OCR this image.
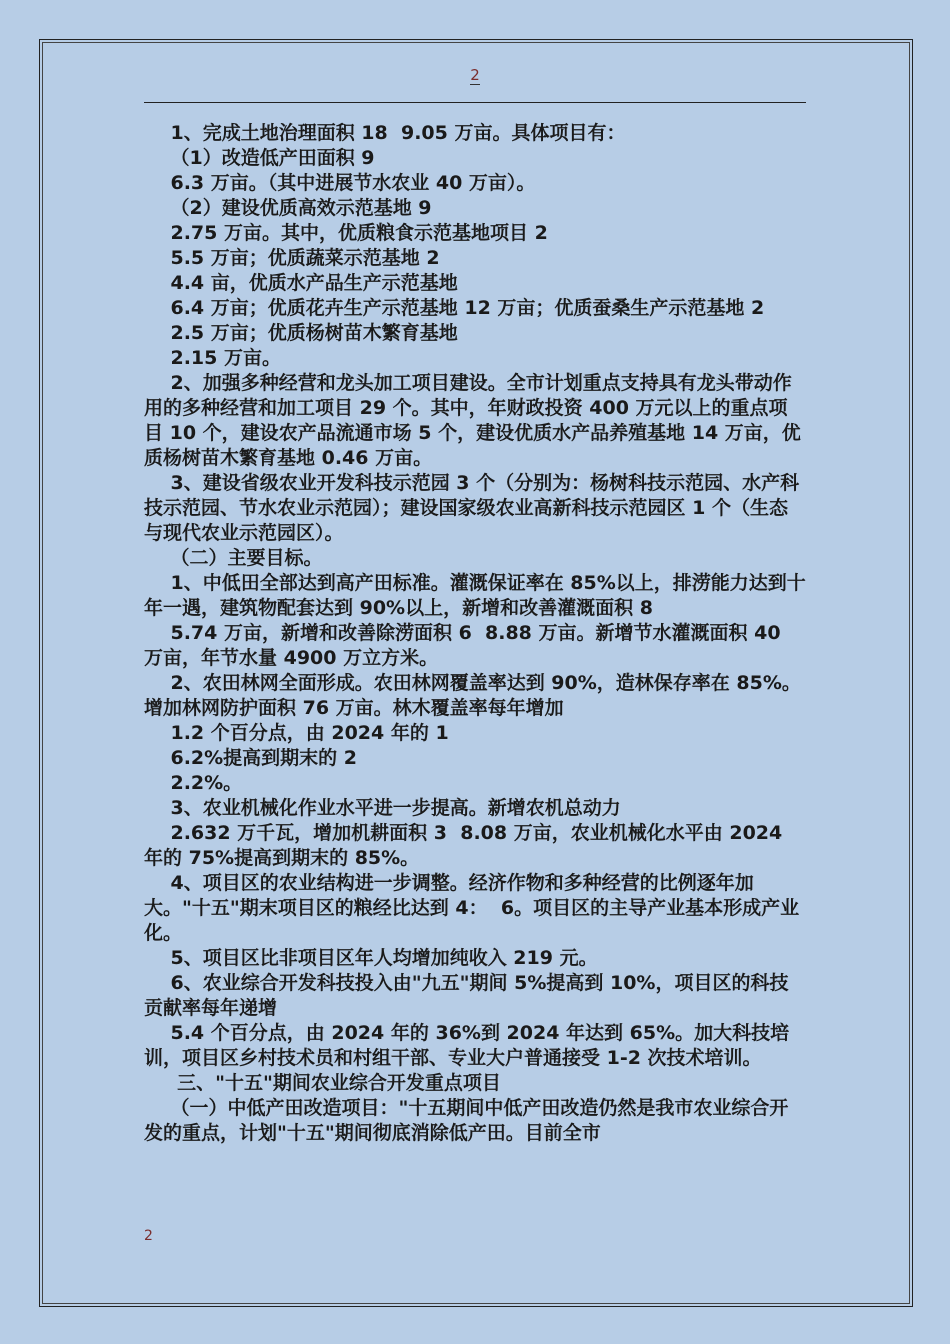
2

1、完成土地治理面积 18  9.05 万亩。具体项目有：

（1）改造低产田面积 9

6.3 万亩。（其中进展节水农业 40 万亩）。

（2）建设优质高效示范基地 9

2.75 万亩。其中，优质粮食示范基地项目 2

5.5 万亩；优质蔬菜示范基地 2

4.4 亩，优质水产品生产示范基地

6.4 万亩；优质花卉生产示范基地 12 万亩；优质蚕桑生产示范基地 2

2.5 万亩；优质杨树苗木繁育基地

2.15 万亩。

2、加强多种经营和龙头加工项目建设。全市计划重点支持具有龙头带动作用的多种经营和加工项目 29 个。其中，年财政投资 400 万元以上的重点项目 10 个，建设农产品流通市场 5 个，建设优质水产品养殖基地 14 万亩，优质杨树苗木繁育基地 0.46 万亩。

3、建设省级农业开发科技示范园 3 个（分别为：杨树科技示范园、水产科技示范园、节水农业示范园）；建设国家级农业高新科技示范园区 1 个（生态与现代农业示范园区）。

（二）主要目标。

1、中低田全部达到高产田标准。灌溉保证率在 85%以上，排涝能力达到十年一遇，建筑物配套达到 90%以上，新增和改善灌溉面积 8

5.74 万亩，新增和改善除涝面积 6  8.88 万亩。新增节水灌溉面积 40 万亩，年节水量 4900 万立方米。

2、农田林网全面形成。农田林网覆盖率达到 90%，造林保存率在 85%。增加林网防护面积 76 万亩。林木覆盖率每年增加

1.2 个百分点，由 2024 年的 1

6.2%提高到期末的 2

2.2%。

3、农业机械化作业水平进一步提高。新增农机总动力

2.632 万千瓦，增加机耕面积 3  8.08 万亩，农业机械化水平由 2024 年的 75%提高到期末的 85%。

4、项目区的农业结构进一步调整。经济作物和多种经营的比例逐年加大。"十五"期末项目区的粮经比达到 4：  6。项目区的主导产业基本形成产业化。

5、项目区比非项目区年人均增加纯收入 219 元。

6、农业综合开发科技投入由"九五"期间 5%提高到 10%，项目区的科技贡献率每年递增

5.4 个百分点，由 2024 年的 36%到 2024 年达到 65%。加大科技培训，项目区乡村技术员和村组干部、专业大户普通接受 1-2 次技术培训。

三、"十五"期间农业综合开发重点项目

（一）中低产田改造项目："十五期间中低产田改造仍然是我市农业综合开发的重点，计划"十五"期间彻底消除低产田。目前全市

2
